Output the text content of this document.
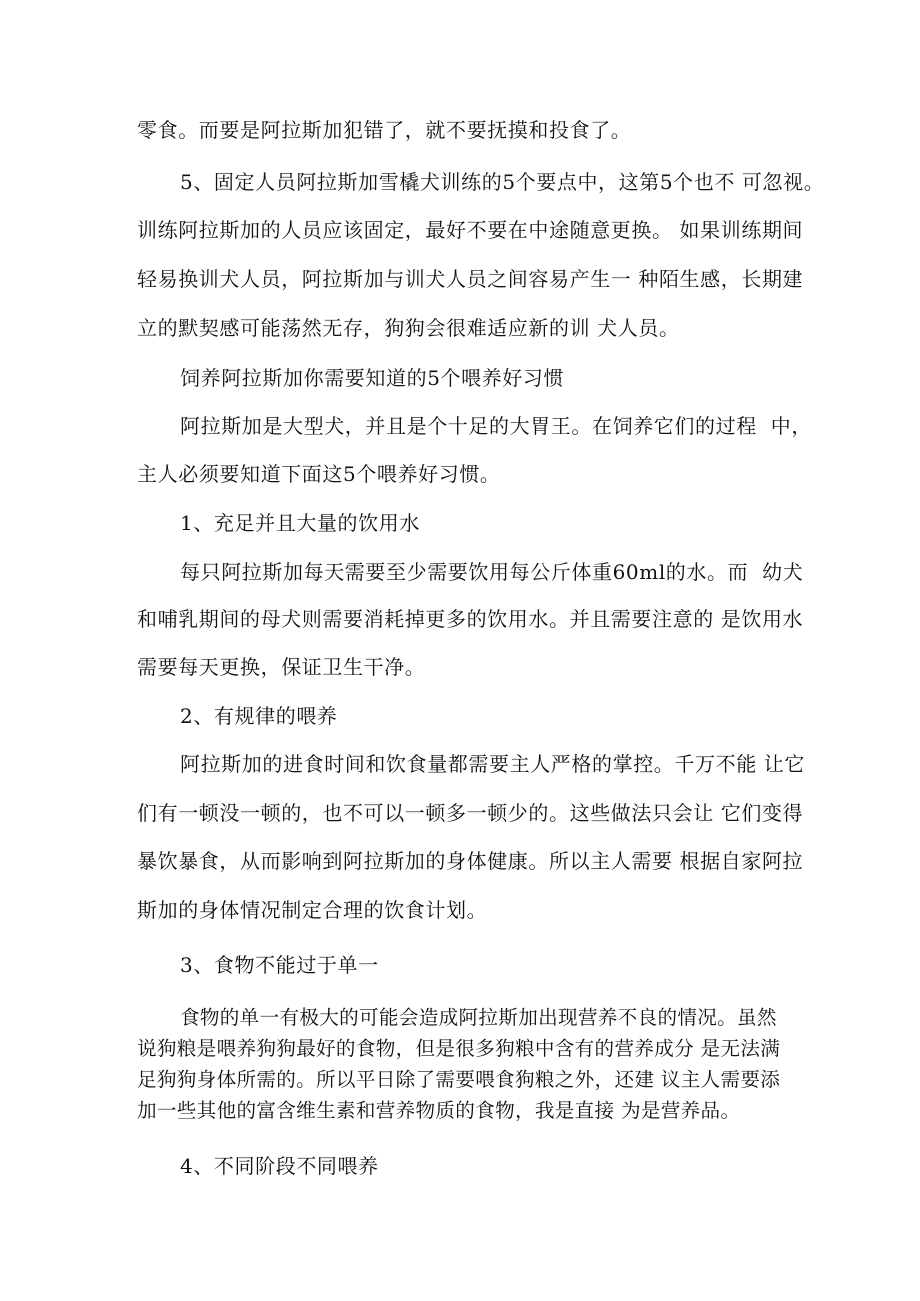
零食。而要是阿拉斯加犯错了，就不要抚摸和投食了。
5、固定人员阿拉斯加雪橇犬训练的5个要点中，这第5个也不 可忽视。
训练阿拉斯加的人员应该固定，最好不要在中途随意更换。 如果训练期间
轻易换训犬人员，阿拉斯加与训犬人员之间容易产生一 种陌生感，长期建
立的默契感可能荡然无存，狗狗会很难适应新的训 犬人员。
饲养阿拉斯加你需要知道的5个喂养好习惯
阿拉斯加是大型犬，并且是个十足的大胃王。在饲养它们的过程  中，
主人必须要知道下面这5个喂养好习惯。
1、充足并且大量的饮用水
每只阿拉斯加每天需要至少需要饮用每公斤体重60ml的水。而  幼犬
和哺乳期间的母犬则需要消耗掉更多的饮用水。并且需要注意的 是饮用水
需要每天更换，保证卫生干净。
2、有规律的喂养
阿拉斯加的进食时间和饮食量都需要主人严格的掌控。千万不能 让它
们有一顿没一顿的，也不可以一顿多一顿少的。这些做法只会让 它们变得
暴饮暴食，从而影响到阿拉斯加的身体健康。所以主人需要 根据自家阿拉
斯加的身体情况制定合理的饮食计划。
3、食物不能过于单一
食物的单一有极大的可能会造成阿拉斯加出现营养不良的情况。虽然
说狗粮是喂养狗狗最好的食物，但是很多狗粮中含有的营养成分 是无法满
足狗狗身体所需的。所以平日除了需要喂食狗粮之外，还建 议主人需要添
加一些其他的富含维生素和营养物质的食物，我是直接 为是营养品。
4、不同阶段不同喂养
